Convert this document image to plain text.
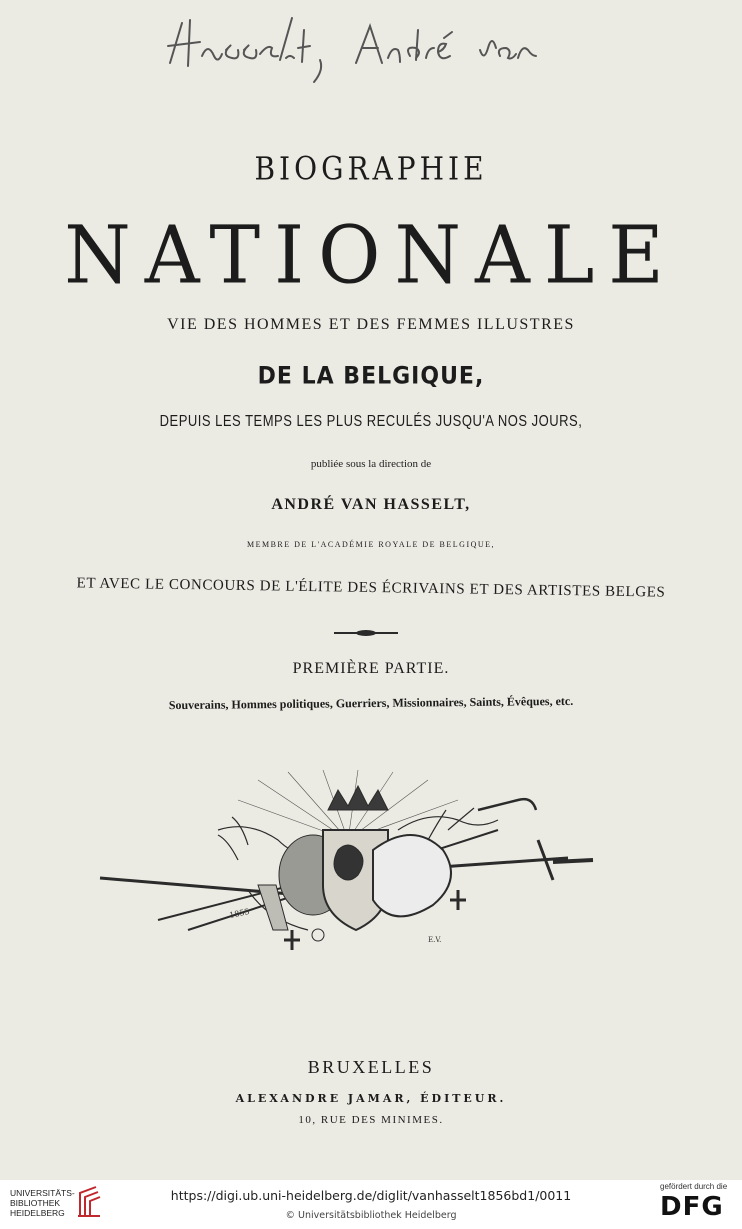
BIOGRAPHIE
NATIONALE
VIE DES HOMMES ET DES FEMMES ILLUSTRES
DE LA BELGIQUE,
DEPUIS LES TEMPS LES PLUS RECULÉS JUSQU'A NOS JOURS,
publiée sous la direction de
ANDRÉ VAN HASSELT,
MEMBRE DE L'ACADÉMIE ROYALE DE BELGIQUE,
ET AVEC LE CONCOURS DE L'ÉLITE DES ÉCRIVAINS ET DES ARTISTES BELGES
PREMIÈRE PARTIE.
Souverains, Hommes politiques, Guerriers, Missionnaires, Saints, Évêques, etc.
1855
E.V.
BRUXELLES
ALEXANDRE JAMAR, ÉDITEUR.
10, RUE DES MINIMES.
UNIVERSITÄTS-
BIBLIOTHEK
HEIDELBERG
https://digi.ub.uni-heidelberg.de/diglit/vanhasselt1856bd1/0011
© Universitätsbibliothek Heidelberg
gefördert durch die
DFG
